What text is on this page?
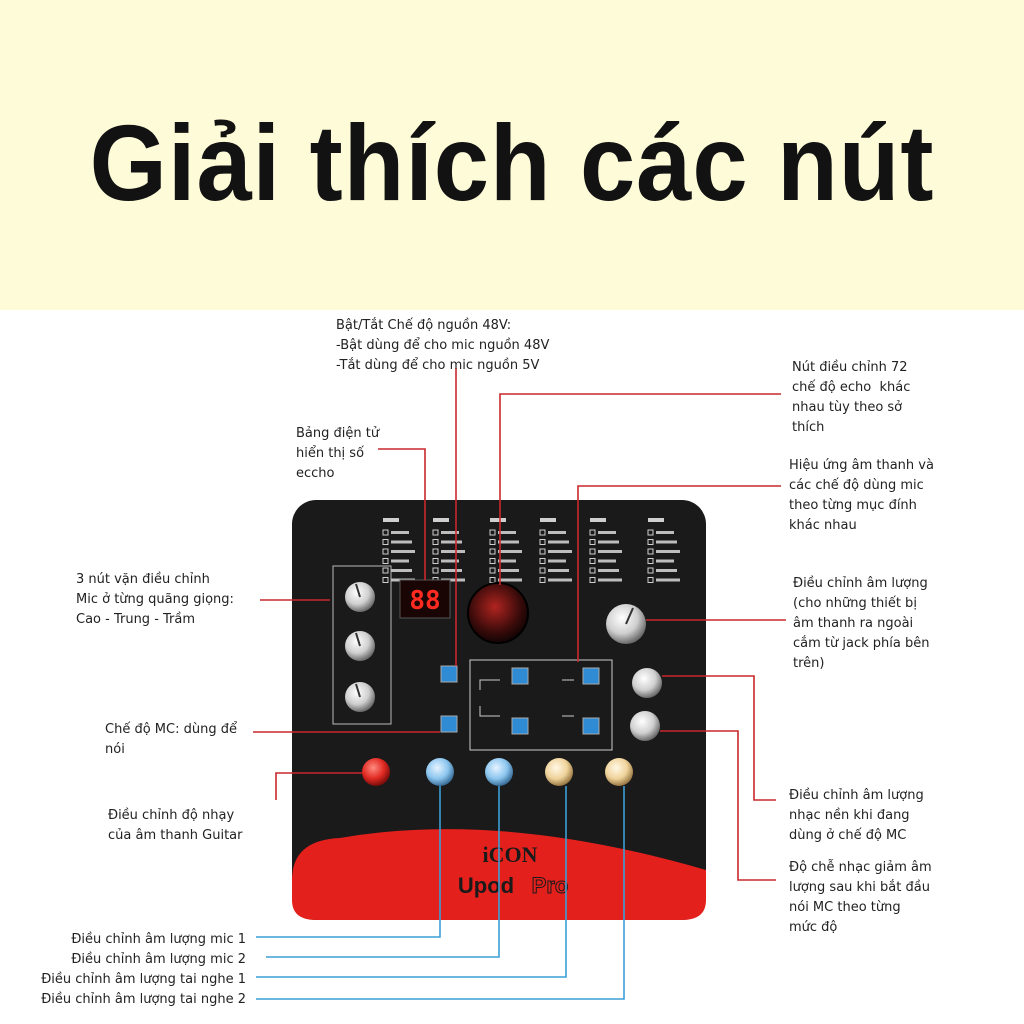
Giải thích các nút
88
iCON
Upod Pro
Bật/Tắt Chế độ nguồn 48V:
-Bật dùng để cho mic nguồn 48V
-Tắt dùng để cho mic nguồn 5V	Nút điều chỉnh 72
chế độ echo  khác
nhau tùy theo sở
thích
Bảng điện tử
hiển thị số
eccho
Hiệu ứng âm thanh và
các chế độ dùng mic
theo từng mục đính
khác nhau
3 nút vặn điều chỉnh
Mic ở từng quãng giọng:
Cao - Trung - Trầm
Điều chỉnh âm lượng
(cho những thiết bị
âm thanh ra ngoài
cắm từ jack phía bên
trên)
Chế độ MC: dùng để
nói
Điều chỉnh độ nhạy
của âm thanh Guitar
Điều chỉnh âm lượng
nhạc nền khi đang
dùng ở chế độ MC
Độ chễ nhạc giảm âm
lượng sau khi bắt đầu
nói MC theo từng
mức độ
Điều chỉnh âm lượng mic 1
Điều chỉnh âm lượng mic 2
Điều chỉnh âm lượng tai nghe 1
Điều chỉnh âm lượng tai nghe 2
